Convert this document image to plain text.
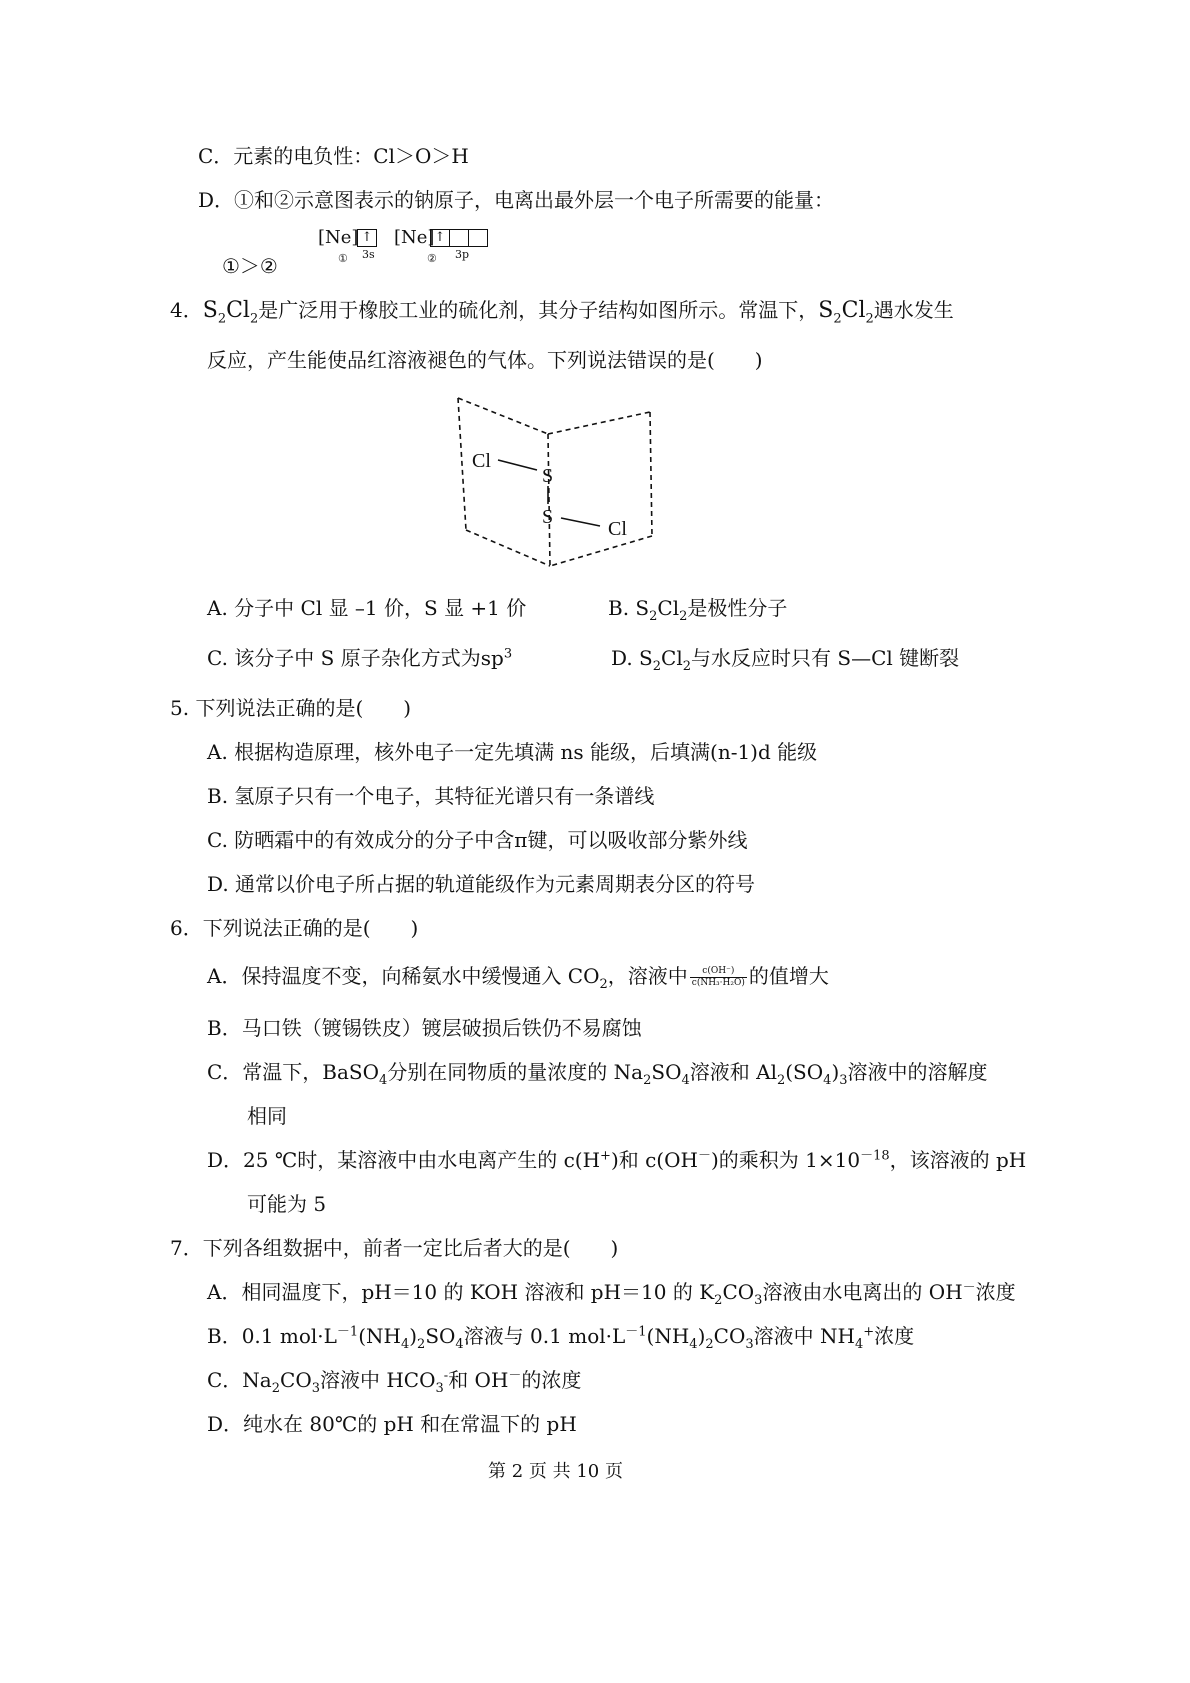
C．元素的电负性：Cl＞O＞H
D．①和②示意图表示的钠原子，电离出最外层一个电子所需要的能量：
[Ne] ↑
3s
①
[Ne] ↑
3p
②
①＞②
4．$S_2Cl_2$是广泛用于橡胶工业的硫化剂，其分子结构如图所示。常温下，$S_2Cl_2$遇水发生
反应，产生能使品红溶液褪色的气体。下列说法错误的是(　　)
Cl
S
S
Cl
A. 分子中 Cl 显 –1 价，S 显 +1 价	B. $S_2Cl_2$是极性分子
C. 该分子中 S 原子杂化方式为$sp^3$	D. $S_2Cl_2$与水反应时只有 S—Cl 键断裂
5. 下列说法正确的是(　　)
A. 根据构造原理，核外电子一定先填满 ns 能级，后填满(n-1)d 能级
B. 氢原子只有一个电子，其特征光谱只有一条谱线
C. 防晒霜中的有效成分的分子中含π键，可以吸收部分紫外线
D. 通常以价电子所占据的轨道能级作为元素周期表分区的符号
6．下列说法正确的是(　　)
A．保持温度不变，向稀氨水中缓慢通入 $CO_2$，溶液中 $\frac{c(OH^-)}{\text{c(NH₃·H₂O)}}$ 的值增大
B．马口铁（镀锡铁皮）镀层破损后铁仍不易腐蚀
C．常温下，BaSO$_4$分别在同物质的量浓度的 $Na_2SO_4$溶液和 $Al_2(SO_4)_3$溶液中的溶解度
相同
D．25 ℃时，某溶液中由水电离产生的 c(H+)和 c(OH－)的乘积为 $1\times 10^{-18}$，该溶液的 pH
可能为 5
7．下列各组数据中，前者一定比后者大的是(　　)
A．相同温度下，pH＝10 的 KOH 溶液和 pH＝10 的 $K_2CO_3$溶液由水电离出的 OH－浓度
B．0.1 $mol\cdot L^{-1}(NH_4)_2SO_4$溶液与 0.1 $mol\cdot L^{-1}(NH_4)_2CO_3$溶液中 $NH_4^+$浓度
C．$Na_2CO_3$溶液中 $HCO_3^-$和 OH－的浓度
D．纯水在 80℃的 pH 和在常温下的 pH
第 2 页 共 10 页
